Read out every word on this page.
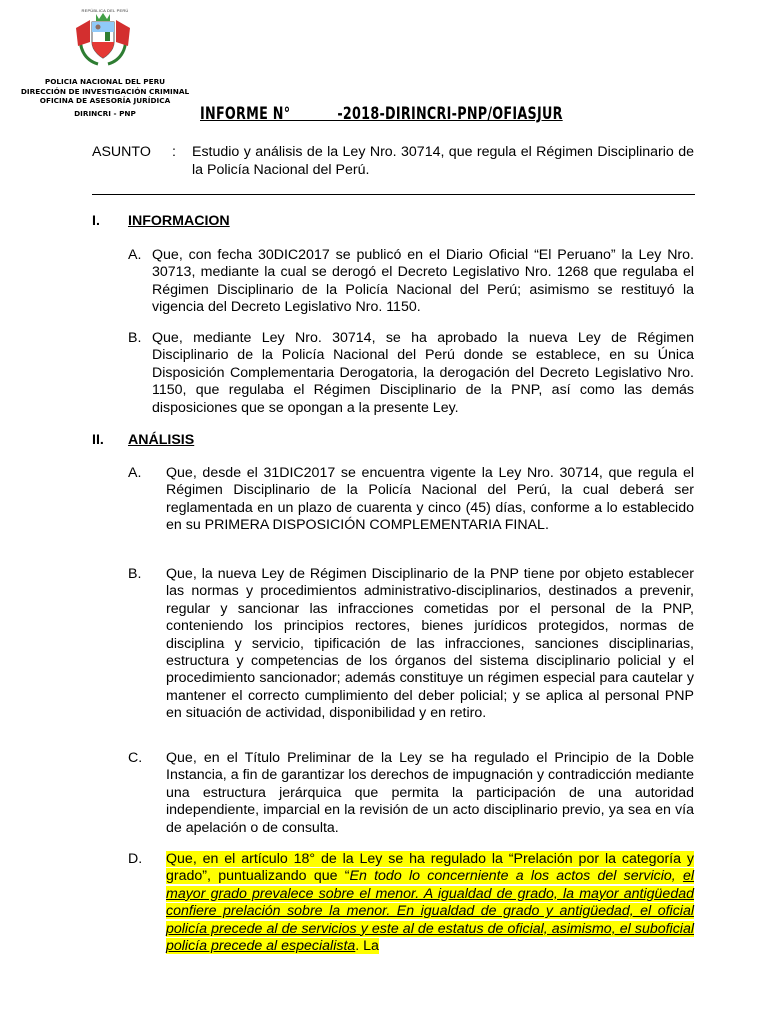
REPÚBLICA DEL PERÚ
POLICIA NACIONAL DEL PERU
DIRECCIÓN DE INVESTIGACIÓN CRIMINAL
OFICINA DE ASESORÍA JURÍDICA
DIRINCRI - PNP	INFORME N°          -2018-DIRINCRI-PNP/OFIASJUR
ASUNTO : Estudio y análisis de la Ley Nro. 30714, que regula el Régimen Disciplinario de la Policía Nacional del Perú.
I. INFORMACION
A. Que, con fecha 30DIC2017 se publicó en el Diario Oficial “El Peruano” la Ley Nro. 30713, mediante la cual se derogó el Decreto Legislativo Nro. 1268 que regulaba el Régimen Disciplinario de la Policía Nacional del Perú; asimismo se restituyó la vigencia del Decreto Legislativo Nro. 1150.
B. Que, mediante Ley Nro. 30714, se ha aprobado la nueva Ley de Régimen Disciplinario de la Policía Nacional del Perú donde se establece, en su Única Disposición Complementaria Derogatoria, la derogación del Decreto Legislativo Nro. 1150, que regulaba el Régimen Disciplinario de la PNP, así como las demás disposiciones que se opongan a la presente Ley.
II. ANÁLISIS
A. Que, desde el 31DIC2017 se encuentra vigente la Ley Nro. 30714, que regula el Régimen Disciplinario de la Policía Nacional del Perú, la cual deberá ser reglamentada en un plazo de cuarenta y cinco (45) días, conforme a lo establecido en su PRIMERA DISPOSICIÓN COMPLEMENTARIA FINAL.
B. Que, la nueva Ley de Régimen Disciplinario de la PNP tiene por objeto establecer las normas y procedimientos administrativo-disciplinarios, destinados a prevenir, regular y sancionar las infracciones cometidas por el personal de la PNP, conteniendo los principios rectores, bienes jurídicos protegidos, normas de disciplina y servicio, tipificación de las infracciones, sanciones disciplinarias, estructura y competencias de los órganos del sistema disciplinario policial y el procedimiento sancionador; además constituye un régimen especial para cautelar y mantener el correcto cumplimiento del deber policial; y se aplica al personal PNP en situación de actividad, disponibilidad y en retiro.
C. Que, en el Título Preliminar de la Ley se ha regulado el Principio de la Doble Instancia, a fin de garantizar los derechos de impugnación y contradicción mediante una estructura jerárquica que permita la participación de una autoridad independiente, imparcial en la revisión de un acto disciplinario previo, ya sea en vía de apelación o de consulta.
D. Que, en el artículo 18° de la Ley se ha regulado la “Prelación por la categoría y grado”, puntualizando que “En todo lo concerniente a los actos del servicio, el mayor grado prevalece sobre el menor. A igualdad de grado, la mayor antigüedad confiere prelación sobre la menor. En igualdad de grado y antigüedad, el oficial policía precede al de servicios y este al de estatus de oficial, asimismo, el suboficial policía precede al especialista. La
